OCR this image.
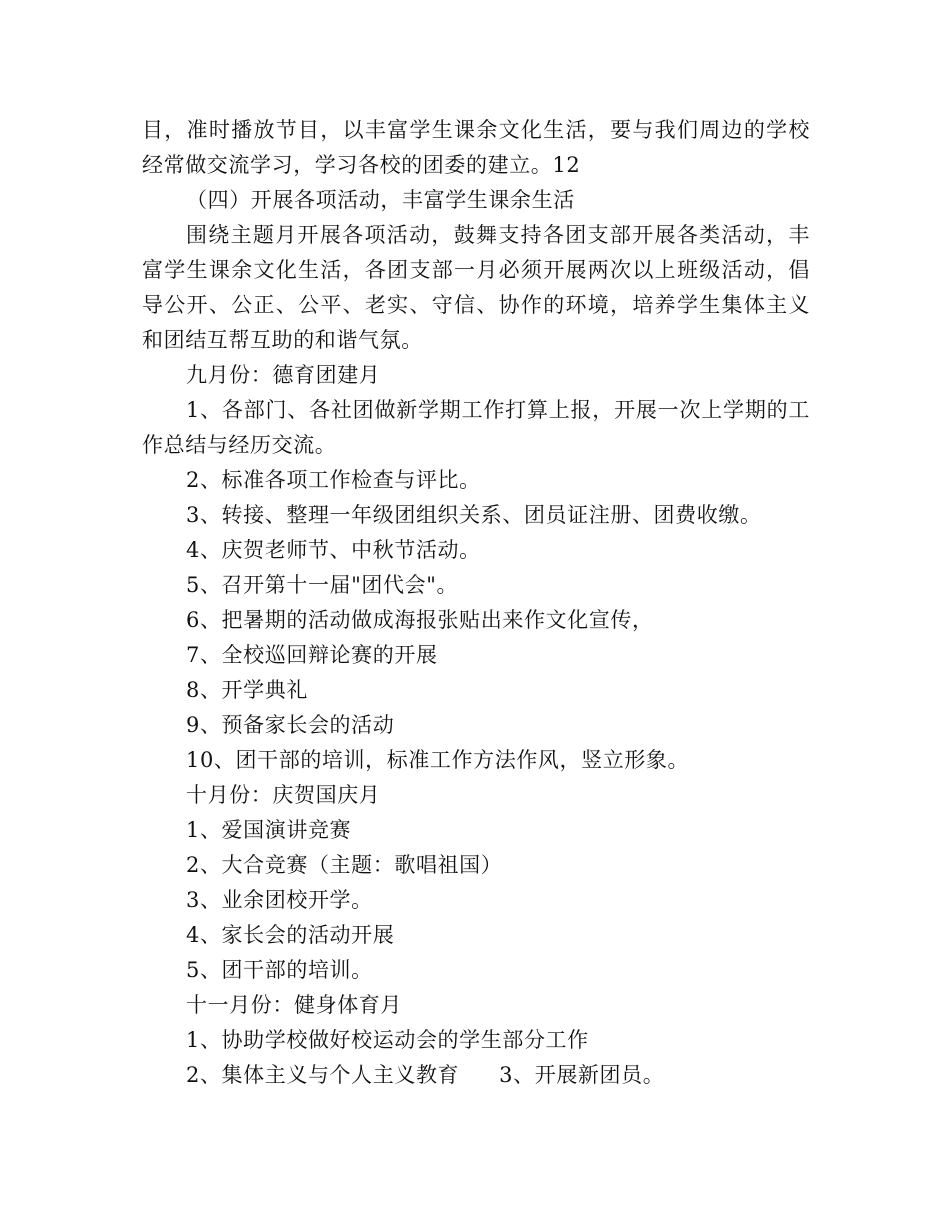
目，准时播放节目，以丰富学生课余文化生活，要与我们周边的学校经常做交流学习，学习各校的团委的建立。12

（四）开展各项活动，丰富学生课余生活

围绕主题月开展各项活动，鼓舞支持各团支部开展各类活动，丰富学生课余文化生活，各团支部一月必须开展两次以上班级活动，倡导公开、公正、公平、老实、守信、协作的环境，培养学生集体主义和团结互帮互助的和谐气氛。

九月份：德育团建月

1、各部门、各社团做新学期工作打算上报，开展一次上学期的工作总结与经历交流。

2、标准各项工作检查与评比。

3、转接、整理一年级团组织关系、团员证注册、团费收缴。

4、庆贺老师节、中秋节活动。

5、召开第十一届"团代会"。

6、把暑期的活动做成海报张贴出来作文化宣传，

7、全校巡回辩论赛的开展

8、开学典礼

9、预备家长会的活动

10、团干部的培训，标准工作方法作风，竖立形象。

十月份：庆贺国庆月

1、爱国演讲竞赛

2、大合竞赛（主题：歌唱祖国）

3、业余团校开学。

4、家长会的活动开展

5、团干部的培训。

十一月份：健身体育月

1、协助学校做好校运动会的学生部分工作

2、集体主义与个人主义教育 3、开展新团员。
